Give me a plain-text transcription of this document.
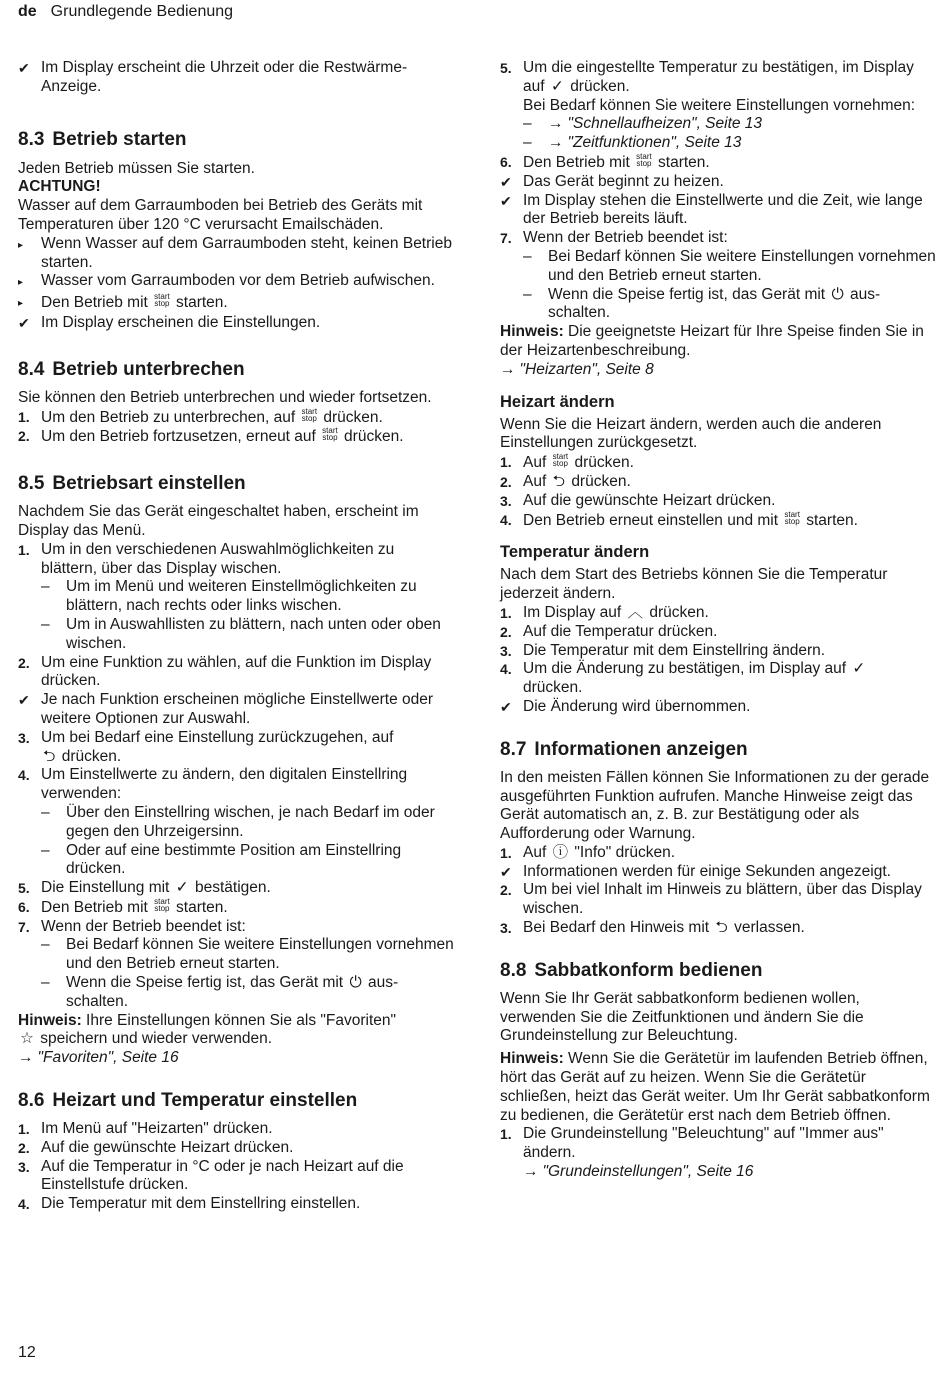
de Grundlegende Bedienung
✔ Im Display erscheint die Uhrzeit oder die Restwärme-Anzeige.
8.3 Betrieb starten

Jeden Betrieb müssen Sie starten.

ACHTUNG!

Wasser auf dem Garraumboden bei Betrieb des Geräts mit Temperaturen über 120 °C verursacht Emailschäden.

▸	Wenn Wasser auf dem Garraumboden steht, keinen Betrieb starten.
▸	Wasser vom Garraumboden vor dem Betrieb aufwischen.
▸	Den Betrieb mit start
stop starten.
✔ Im Display erscheinen die Einstellungen.
8.4 Betrieb unterbrechen

Sie können den Betrieb unterbrechen und wieder fortsetzen.

1. Um den Betrieb zu unterbrechen, auf start
stop drücken.
2. Um den Betrieb fortzusetzen, erneut auf start
stop drücken.
8.5 Betriebsart einstellen

Nachdem Sie das Gerät eingeschaltet haben, erscheint im Display das Menü.

1. Um in den verschiedenen Auswahlmöglichkeiten zu blättern, über das Display wischen.
–	Um im Menü und weiteren Einstellmöglichkeiten zu blättern, nach rechts oder links wischen.
–	Um in Auswahllisten zu blättern, nach unten oder oben wischen.
2. Um eine Funktion zu wählen, auf die Funktion im Display drücken.
✔ Je nach Funktion erscheinen mögliche Einstellwerte oder weitere Optionen zur Auswahl.
3. Um bei Bedarf eine Einstellung zurückzugehen, auf
⮌ drücken.
4. Um Einstellwerte zu ändern, den digitalen Einstellring verwenden:
–	Über den Einstellring wischen, je nach Bedarf im oder gegen den Uhrzeigersinn.
–	Oder auf eine bestimmte Position am Einstellring drücken.
5. Die Einstellung mit ✓ bestätigen.
6. Den Betrieb mit start
stop starten.
7. Wenn der Betrieb beendet ist:
–	Bei Bedarf können Sie weitere Einstellungen vornehmen und den Betrieb erneut starten.
–	Wenn die Speise fertig ist, das Gerät mit ⏻ ausschalten.

Hinweis: Ihre Einstellungen können Sie als "Favoriten"
☆ speichern und wieder verwenden.

→ "Favoriten", Seite 16

8.6 Heizart und Temperatur einstellen
1. Im Menü auf "Heizarten" drücken.
2. Auf die gewünschte Heizart drücken.
3. Auf die Temperatur in °C oder je nach Heizart auf die Einstellstufe drücken.
4. Die Temperatur mit dem Einstellring einstellen.
5. Um die eingestellte Temperatur zu bestätigen, im Display auf ✓ drücken.
Bei Bedarf können Sie weitere Einstellungen vornehmen:
–	→ "Schnellaufheizen", Seite 13
–	→ "Zeitfunktionen", Seite 13
6. Den Betrieb mit start
stop starten.
✔ Das Gerät beginnt zu heizen.
✔ Im Display stehen die Einstellwerte und die Zeit, wie lange der Betrieb bereits läuft.
7. Wenn der Betrieb beendet ist:
–	Bei Bedarf können Sie weitere Einstellungen vornehmen und den Betrieb erneut starten.
–	Wenn die Speise fertig ist, das Gerät mit ⏻ ausschalten.

Hinweis: Die geeignetste Heizart für Ihre Speise finden Sie in der Heizartenbeschreibung.

→ "Heizarten", Seite 8

Heizart ändern

Wenn Sie die Heizart ändern, werden auch die anderen Einstellungen zurückgesetzt.

1. Auf start
stop drücken.
2. Auf ⮌ drücken.
3. Auf die gewünschte Heizart drücken.
4. Den Betrieb erneut einstellen und mit start
stop starten.
Temperatur ändern

Nach dem Start des Betriebs können Sie die Temperatur jederzeit ändern.

1. Im Display auf ︿ drücken.
2. Auf die Temperatur drücken.
3. Die Temperatur mit dem Einstellring ändern.
4. Um die Änderung zu bestätigen, im Display auf ✓
drücken.
✔ Die Änderung wird übernommen.
8.7 Informationen anzeigen

In den meisten Fällen können Sie Informationen zu der gerade ausgeführten Funktion aufrufen. Manche Hinweise zeigt das Gerät automatisch an, z. B. zur Bestätigung oder als Aufforderung oder Warnung.

1. Auf ⓘ "Info" drücken.
✔ Informationen werden für einige Sekunden angezeigt.
2. Um bei viel Inhalt im Hinweis zu blättern, über das Display wischen.
3. Bei Bedarf den Hinweis mit ⮌ verlassen.
8.8 Sabbatkonform bedienen

Wenn Sie Ihr Gerät sabbatkonform bedienen wollen, verwenden Sie die Zeitfunktionen und ändern Sie die Grundeinstellung zur Beleuchtung.

Hinweis: Wenn Sie die Gerätetür im laufenden Betrieb öffnen, hört das Gerät auf zu heizen. Wenn Sie die Gerätetür schließen, heizt das Gerät weiter. Um Ihr Gerät sabbatkonform zu bedienen, die Gerätetür erst nach dem Betrieb öffnen.

1. Die Grundeinstellung "Beleuchtung" auf "Immer aus" ändern.
→ "Grundeinstellungen", Seite 16
12
